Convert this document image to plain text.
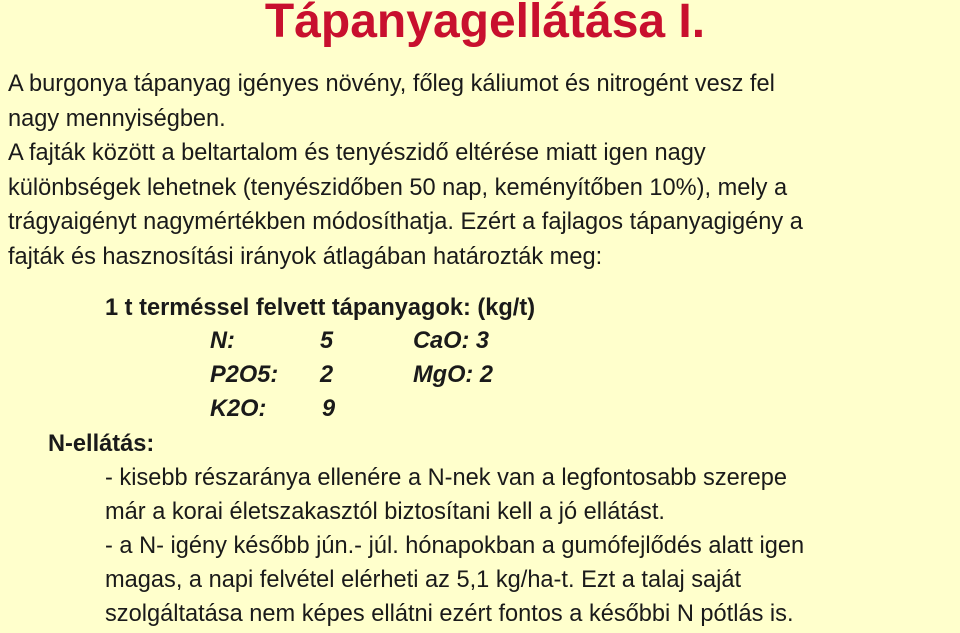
Tápanyagellátása I.

A burgonya tápanyag igényes növény, főleg káliumot és nitrogént vesz fel

nagy mennyiségben.

A fajták között a beltartalom és tenyészidő eltérése miatt igen nagy

különbségek lehetnek (tenyészidőben 50 nap, keményítőben 10%), mely a

trágyaigényt nagymértékben módosíthatja. Ezért a fajlagos tápanyagigény a

fajták és hasznosítási irányok átlagában határozták meg:

1 t terméssel felvett tápanyagok: (kg/t)
N:	5	CaO: 3
P2O5: 2	MgO: 2
K2O: 9
N-ellátás:

- kisebb részaránya ellenére a N-nek van a legfontosabb szerepe

már a korai életszakasztól biztosítani kell a jó ellátást.

- a N- igény később jún.- júl. hónapokban a gumófejlődés alatt igen

magas, a napi felvétel elérheti az 5,1 kg/ha-t. Ezt a talaj saját

szolgáltatása nem képes ellátni ezért fontos a későbbi N pótlás is.
